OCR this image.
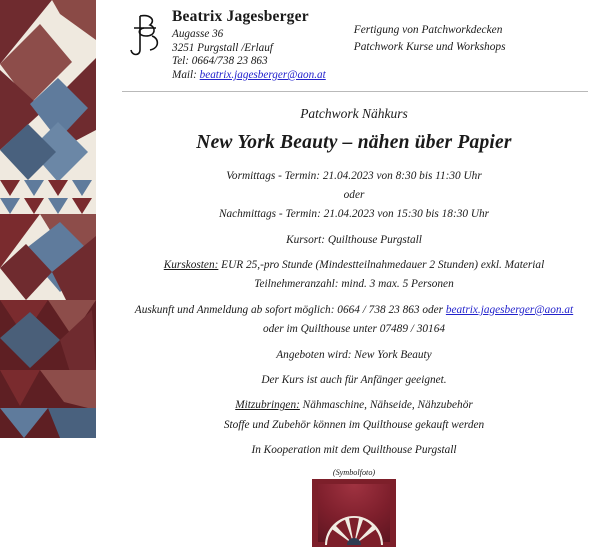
Beatrix Jagesberger
Augasse 36
3251 Purgstall /Erlauf
Tel: 0664/738 23 863
Mail: beatrix.jagesberger@aon.at
Fertigung von Patchworkdecken
Patchwork Kurse und Workshops
Patchwork Nähkurs
New York Beauty – nähen über Papier
Vormittags - Termin: 21.04.2023 von 8:30 bis 11:30 Uhr
oder
Nachmittags - Termin: 21.04.2023 von 15:30 bis 18:30 Uhr
Kursort: Quilthouse Purgstall
Kurskosten: EUR 25,-pro Stunde (Mindestteilnahmedauer 2 Stunden) exkl. Material
Teilnehmeranzahl: mind. 3 max. 5 Personen
Auskunft und Anmeldung ab sofort möglich: 0664 / 738 23 863 oder beatrix.jagesberger@aon.at
oder im Quilthouse unter 07489 / 30164
Angeboten wird: New York Beauty
Der Kurs ist auch für Anfänger geeignet.
Mitzubringen: Nähmaschine, Nähseide, Nähzubehör
Stoffe und Zubehör können im Quilthouse gekauft werden
In Kooperation mit dem Quilthouse Purgstall
(Symbolfoto)
